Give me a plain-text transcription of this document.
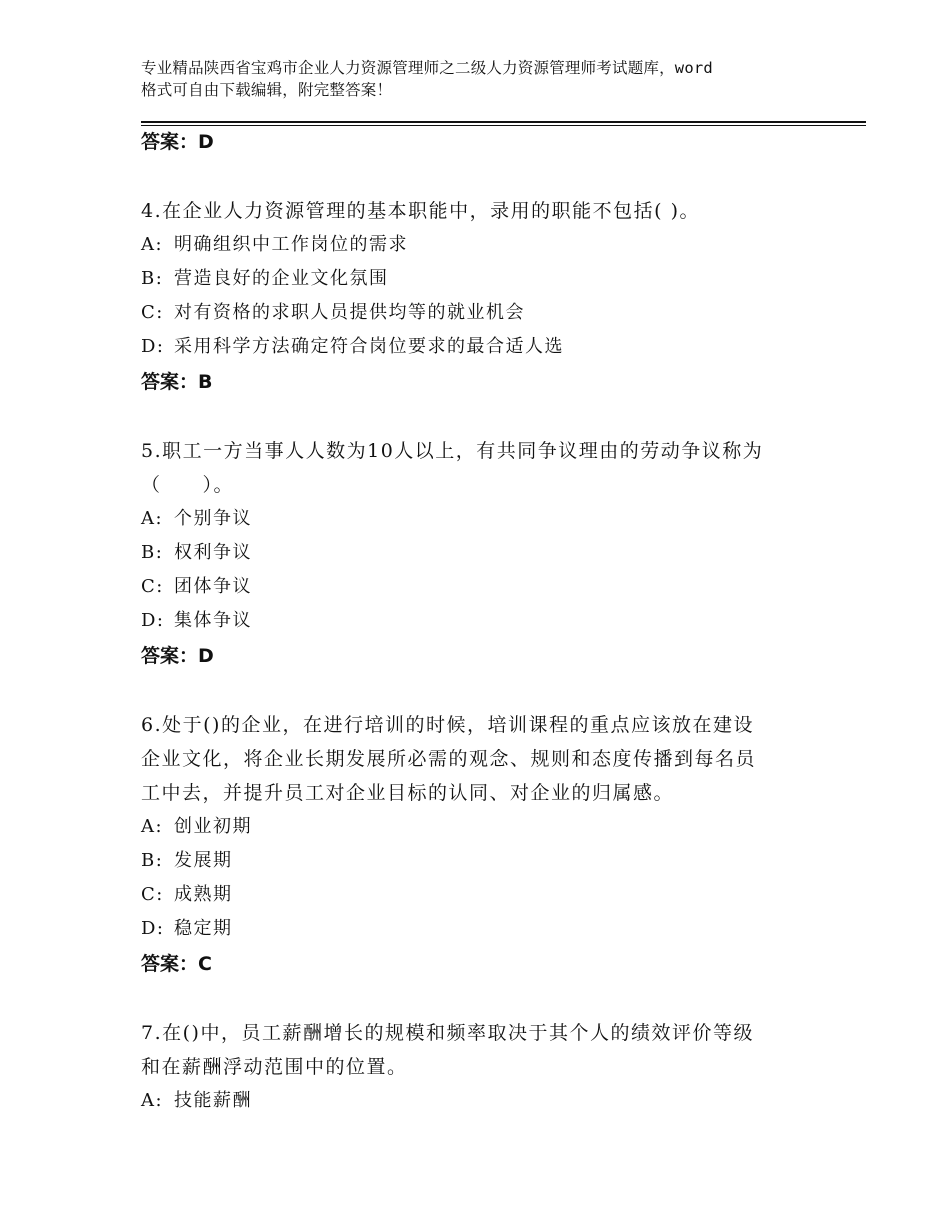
专业精品陕西省宝鸡市企业人力资源管理师之二级人力资源管理师考试题库，word
格式可自由下载编辑，附完整答案！
答案：D
4.在企业人力资源管理的基本职能中，录用的职能不包括( )。
A: 明确组织中工作岗位的需求
B: 营造良好的企业文化氛围
C: 对有资格的求职人员提供均等的就业机会
D: 采用科学方法确定符合岗位要求的最合适人选
答案：B
5.职工一方当事人人数为10人以上，有共同争议理由的劳动争议称为
（　　）。
A: 个别争议
B: 权利争议
C: 团体争议
D: 集体争议
答案：D
6.处于()的企业，在进行培训的时候，培训课程的重点应该放在建设
企业文化，将企业长期发展所必需的观念、规则和态度传播到每名员
工中去，并提升员工对企业目标的认同、对企业的归属感。
A: 创业初期
B: 发展期
C: 成熟期
D: 稳定期
答案：C
7.在()中，员工薪酬增长的规模和频率取决于其个人的绩效评价等级
和在薪酬浮动范围中的位置。
A: 技能薪酬
